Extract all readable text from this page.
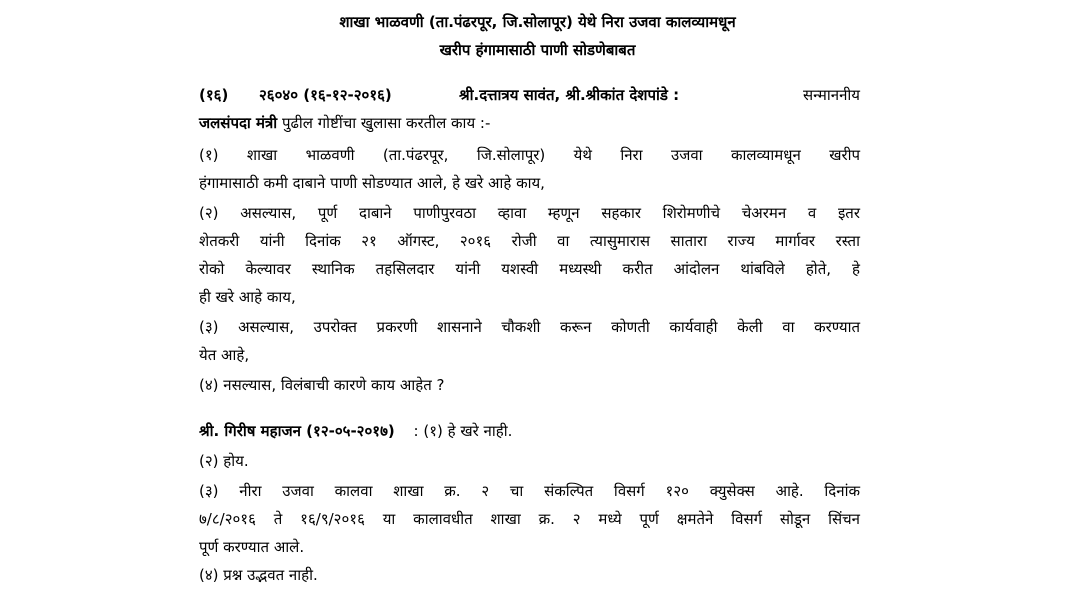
शाखा भाळवणी (ता.पंढरपूर, जि.सोलापूर) येथे निरा उजवा कालव्यामधून
खरीप हंगामासाठी पाणी सोडणेबाबत
(१६) २६०४० (१६-१२-२०१६)	श्री.दत्तात्रय सावंत, श्री.श्रीकांत देशपांडे :	सन्माननीय
जलसंपदा मंत्री पुढील गोष्टींचा खुलासा करतील काय :-
(१) शाखा भाळवणी (ता.पंढरपूर, जि.सोलापूर) येथे निरा उजवा कालव्यामधून खरीप
हंगामासाठी कमी दाबाने पाणी सोडण्यात आले, हे खरे आहे काय,
(२) असल्यास, पूर्ण दाबाने पाणीपुरवठा व्हावा म्हणून सहकार शिरोमणीचे चेअरमन व इतर
शेतकरी यांनी दिनांक २१ ऑगस्ट, २०१६ रोजी वा त्यासुमारास सातारा राज्य मार्गावर रस्ता
रोको केल्यावर स्थानिक तहसिलदार यांनी यशस्वी मध्यस्थी करीत आंदोलन थांबविले होते, हे
ही खरे आहे काय,
(३) असल्यास, उपरोक्त प्रकरणी शासनाने चौकशी करून कोणती कार्यवाही केली वा करण्यात
येत आहे,
(४) नसल्यास, विलंबाची कारणे काय आहेत ?
श्री. गिरीष महाजन (१२-०५-२०१७) : (१) हे खरे नाही.
(२) होय.
(३) नीरा उजवा कालवा शाखा क्र. २ चा संकल्पित विसर्ग १२० क्युसेक्स आहे. दिनांक
७/८/२०१६ ते १६/९/२०१६ या कालावधीत शाखा क्र. २ मध्ये पूर्ण क्षमतेने विसर्ग सोडून सिंचन
पूर्ण करण्यात आले.
(४) प्रश्न उद्भवत नाही.
